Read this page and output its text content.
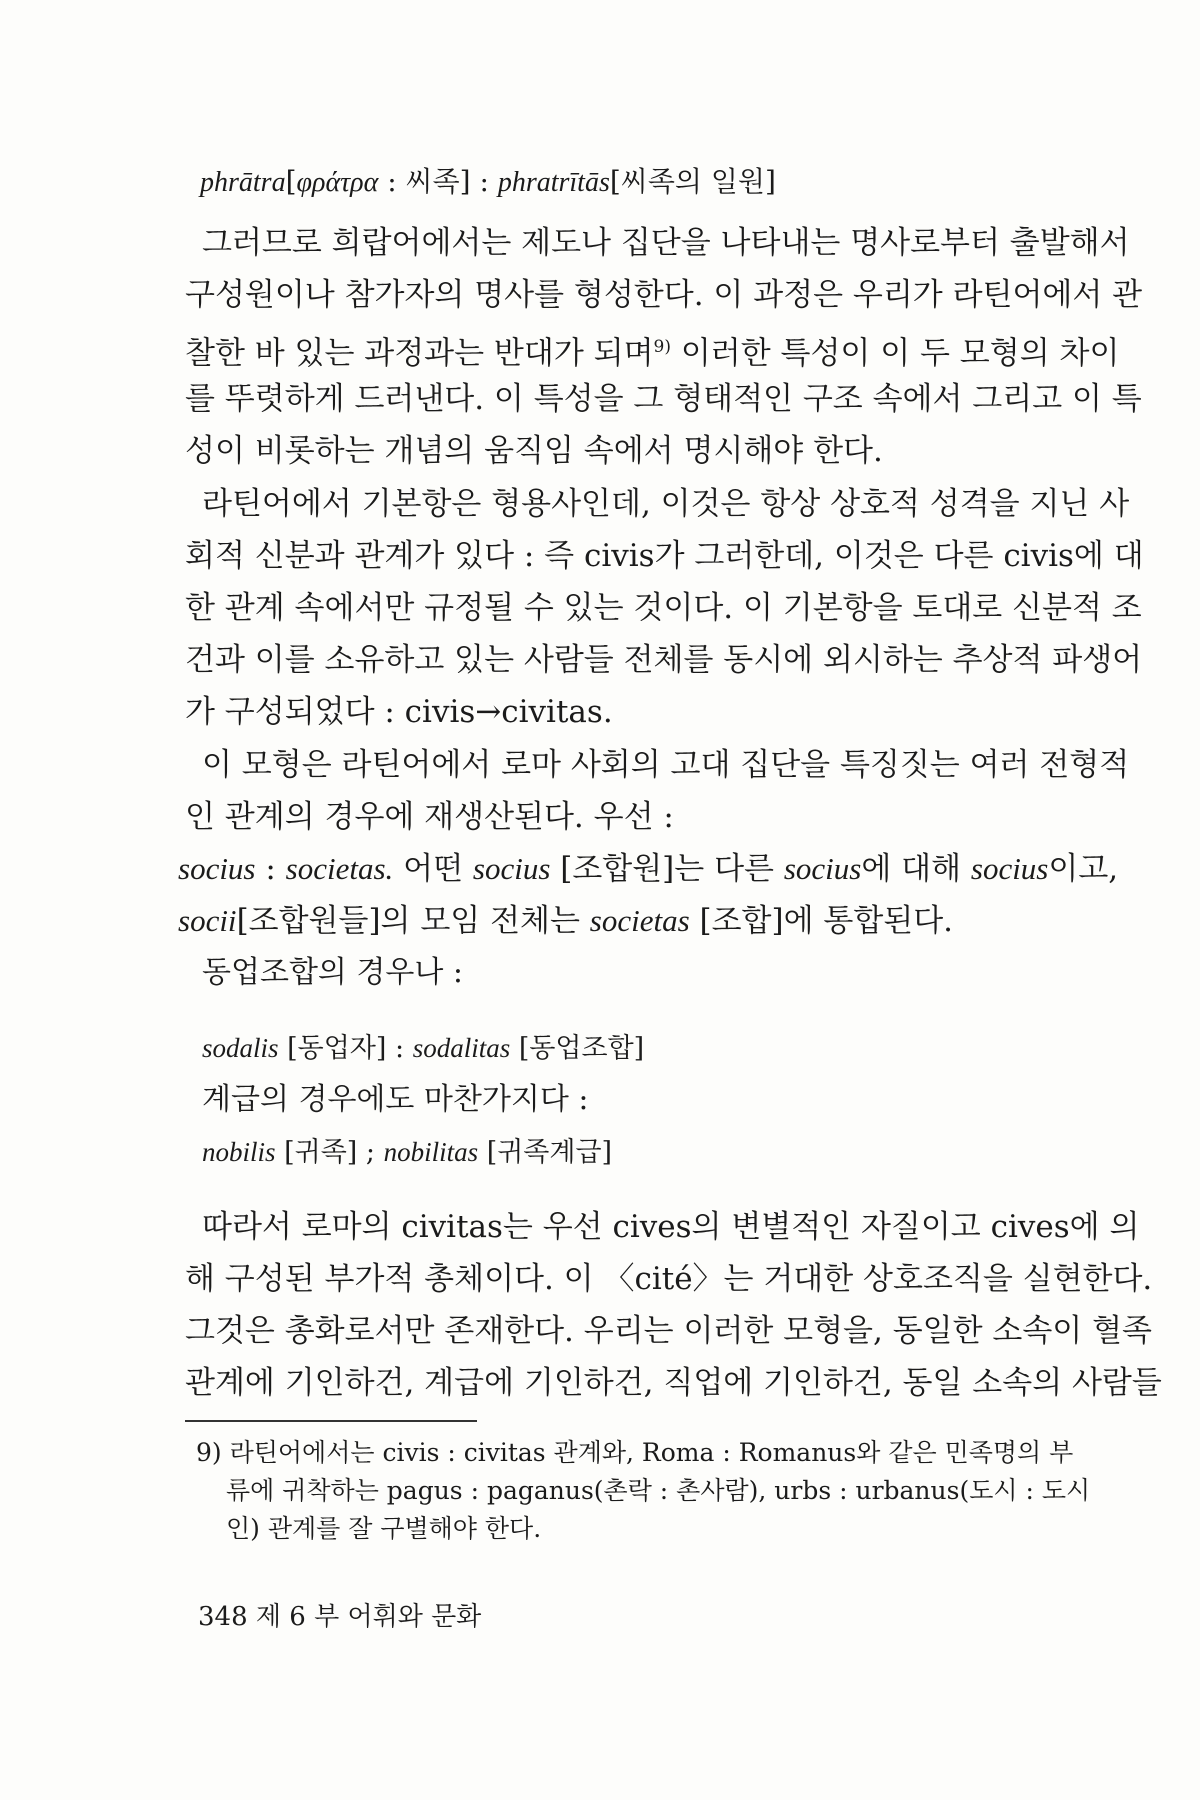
phrātra[φράτρα : 씨족] : phratrītās[씨족의 일원]

그러므로 희랍어에서는 제도나 집단을 나타내는 명사로부터 출발해서

구성원이나 참가자의 명사를 형성한다. 이 과정은 우리가 라틴어에서 관

찰한 바 있는 과정과는 반대가 되며$^{9)}$ 이러한 특성이 이 두 모형의 차이

를 뚜렷하게 드러낸다. 이 특성을 그 형태적인 구조 속에서 그리고 이 특

성이 비롯하는 개념의 움직임 속에서 명시해야 한다.

라틴어에서 기본항은 형용사인데, 이것은 항상 상호적 성격을 지닌 사

회적 신분과 관계가 있다 : 즉 civis가 그러한데, 이것은 다른 civis에 대

한 관계 속에서만 규정될 수 있는 것이다. 이 기본항을 토대로 신분적 조

건과 이를 소유하고 있는 사람들 전체를 동시에 외시하는 추상적 파생어

가 구성되었다 : civis→civitas.

이 모형은 라틴어에서 로마 사회의 고대 집단을 특징짓는 여러 전형적

인 관계의 경우에 재생산된다. 우선 :

socius : societas. 어떤 socius [조합원]는 다른 socius에 대해 socius이고,

socii[조합원들]의 모임 전체는 societas [조합]에 통합된다.

동업조합의 경우나 :

sodalis [동업자] : sodalitas [동업조합]

계급의 경우에도 마찬가지다 :

nobilis [귀족] ; nobilitas [귀족계급]

따라서 로마의 civitas는 우선 cives의 변별적인 자질이고 cives에 의

해 구성된 부가적 총체이다. 이 〈cité〉는 거대한 상호조직을 실현한다.

그것은 총화로서만 존재한다. 우리는 이러한 모형을, 동일한 소속이 혈족

관계에 기인하건, 계급에 기인하건, 직업에 기인하건, 동일 소속의 사람들

9) 라틴어에서는 civis : civitas 관계와, Roma : Romanus와 같은 민족명의 부

류에 귀착하는 pagus : paganus(촌락 : 촌사람), urbs : urbanus(도시 : 도시

인) 관계를 잘 구별해야 한다.

348 제 6 부 어휘와 문화
